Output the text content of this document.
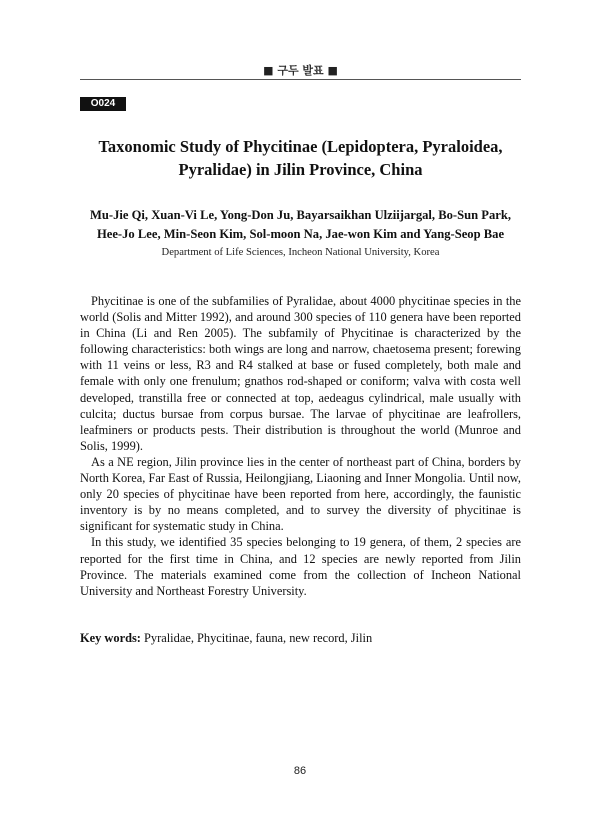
■ 구두 발표 ■
O024
Taxonomic Study of Phycitinae (Lepidoptera, Pyraloidea,
Pyralidae) in Jilin Province, China
Mu-Jie Qi, Xuan-Vi Le, Yong-Don Ju, Bayarsaikhan Ulziijargal, Bo-Sun Park,
Hee-Jo Lee, Min-Seon Kim, Sol-moon Na, Jae-won Kim and Yang-Seop Bae
Department of Life Sciences, Incheon National University, Korea

Phycitinae is one of the subfamilies of Pyralidae, about 4000 phycitinae species in the world (Solis and Mitter 1992), and around 300 species of 110 genera have been reported in China (Li and Ren 2005). The subfamily of Phycitinae is characterized by the following characteristics: both wings are long and narrow, chaetosema present; forewing with 11 veins or less, R3 and R4 stalked at base or fused completely, both male and female with only one frenulum; gnathos rod-shaped or coniform; valva with costa well developed, transtilla free or connected at top, aedeagus cylindrical, male usually with culcita; ductus bursae from corpus bursae. The larvae of phycitinae are leafrollers, leafminers or products pests. Their distribution is throughout the world (Munroe and Solis, 1999).

As a NE region, Jilin province lies in the center of northeast part of China, borders by North Korea, Far East of Russia, Heilongjiang, Liaoning and Inner Mongolia. Until now, only 20 species of phycitinae have been reported from here, accordingly, the faunistic inventory is by no means completed, and to survey the diversity of phycitinae is significant for systematic study in China.

In this study, we identified 35 species belonging to 19 genera, of them, 2 species are reported for the first time in China, and 12 species are newly reported from Jilin Province. The materials examined come from the collection of Incheon National University and Northeast Forestry University.

Key words: Pyralidae, Phycitinae, fauna, new record, Jilin
86
